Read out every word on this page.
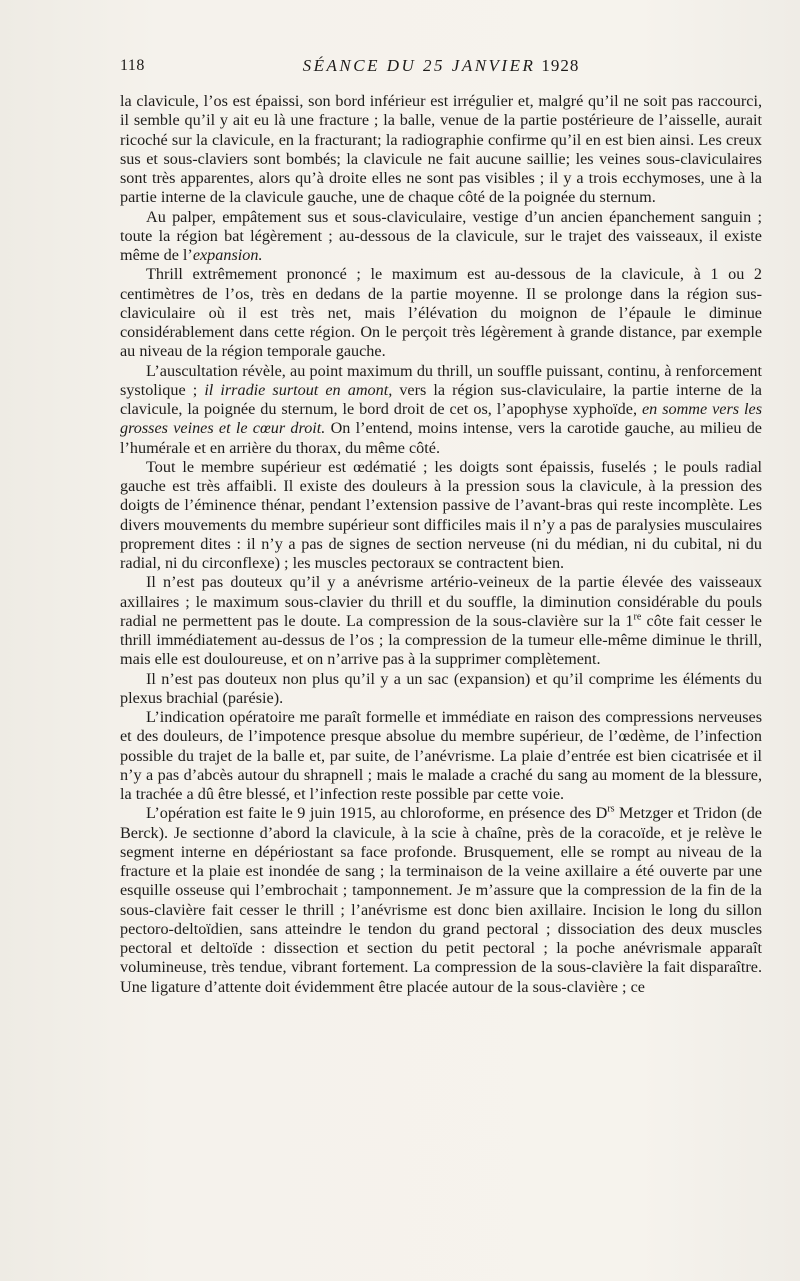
118	SÉANCE DU 25 JANVIER 1928

la clavicule, l’os est épaissi, son bord inférieur est irrégulier et, malgré qu’il ne soit pas raccourci, il semble qu’il y ait eu là une fracture ; la balle, venue de la partie postérieure de l’aisselle, aurait ricoché sur la clavicule, en la fracturant; la radiographie confirme qu’il en est bien ainsi. Les creux sus et sous-claviers sont bombés; la clavicule ne fait aucune saillie; les veines sous-claviculaires sont très apparentes, alors qu’à droite elles ne sont pas visibles ; il y a trois ecchymoses, une à la partie interne de la clavicule gauche, une de chaque côté de la poignée du sternum.

Au palper, empâtement sus et sous-claviculaire, vestige d’un ancien épanchement sanguin ; toute la région bat légèrement ; au-dessous de la clavicule, sur le trajet des vaisseaux, il existe même de l’expansion.

Thrill extrêmement prononcé ; le maximum est au-dessous de la clavicule, à 1 ou 2 centimètres de l’os, très en dedans de la partie moyenne. Il se prolonge dans la région sus-claviculaire où il est très net, mais l’élévation du moignon de l’épaule le diminue considérablement dans cette région. On le perçoit très légèrement à grande distance, par exemple au niveau de la région temporale gauche.

L’auscultation révèle, au point maximum du thrill, un souffle puissant, continu, à renforcement systolique ; il irradie surtout en amont, vers la région sus-claviculaire, la partie interne de la clavicule, la poignée du sternum, le bord droit de cet os, l’apophyse xyphoïde, en somme vers les grosses veines et le cœur droit. On l’entend, moins intense, vers la carotide gauche, au milieu de l’humérale et en arrière du thorax, du même côté.

Tout le membre supérieur est œdématié ; les doigts sont épaissis, fuselés ; le pouls radial gauche est très affaibli. Il existe des douleurs à la pression sous la clavicule, à la pression des doigts de l’éminence thénar, pendant l’extension passive de l’avant-bras qui reste incomplète. Les divers mouvements du membre supérieur sont difficiles mais il n’y a pas de paralysies musculaires proprement dites : il n’y a pas de signes de section nerveuse (ni du médian, ni du cubital, ni du radial, ni du circonflexe) ; les muscles pectoraux se contractent bien.

Il n’est pas douteux qu’il y a anévrisme artério-veineux de la partie élevée des vaisseaux axillaires ; le maximum sous-clavier du thrill et du souffle, la diminution considérable du pouls radial ne permettent pas le doute. La compression de la sous-clavière sur la 1re côte fait cesser le thrill immédiatement au-dessus de l’os ; la compression de la tumeur elle-même diminue le thrill, mais elle est douloureuse, et on n’arrive pas à la supprimer complètement.

Il n’est pas douteux non plus qu’il y a un sac (expansion) et qu’il comprime les éléments du plexus brachial (parésie).

L’indication opératoire me paraît formelle et immédiate en raison des compressions nerveuses et des douleurs, de l’impotence presque absolue du membre supérieur, de l’œdème, de l’infection possible du trajet de la balle et, par suite, de l’anévrisme. La plaie d’entrée est bien cicatrisée et il n’y a pas d’abcès autour du shrapnell ; mais le malade a craché du sang au moment de la blessure, la trachée a dû être blessé, et l’infection reste possible par cette voie.

L’opération est faite le 9 juin 1915, au chloroforme, en présence des $D^{rs}$ Metzger et Tridon (de Berck). Je sectionne d’abord la clavicule, à la scie à chaîne, près de la coracoïde, et je relève le segment interne en dépériostant sa face profonde. Brusquement, elle se rompt au niveau de la fracture et la plaie est inondée de sang ; la terminaison de la veine axillaire a été ouverte par une esquille osseuse qui l’embrochait ; tamponnement. Je m’assure que la compression de la fin de la sous-clavière fait cesser le thrill ; l’anévrisme est donc bien axillaire. Incision le long du sillon pectoro-deltoïdien, sans atteindre le tendon du grand pectoral ; dissociation des deux muscles pectoral et deltoïde : dissection et section du petit pectoral ; la poche anévrismale apparaît volumineuse, très tendue, vibrant fortement. La compression de la sous-clavière la fait disparaître. Une ligature d’attente doit évidemment être placée autour de la sous-clavière ; ce
